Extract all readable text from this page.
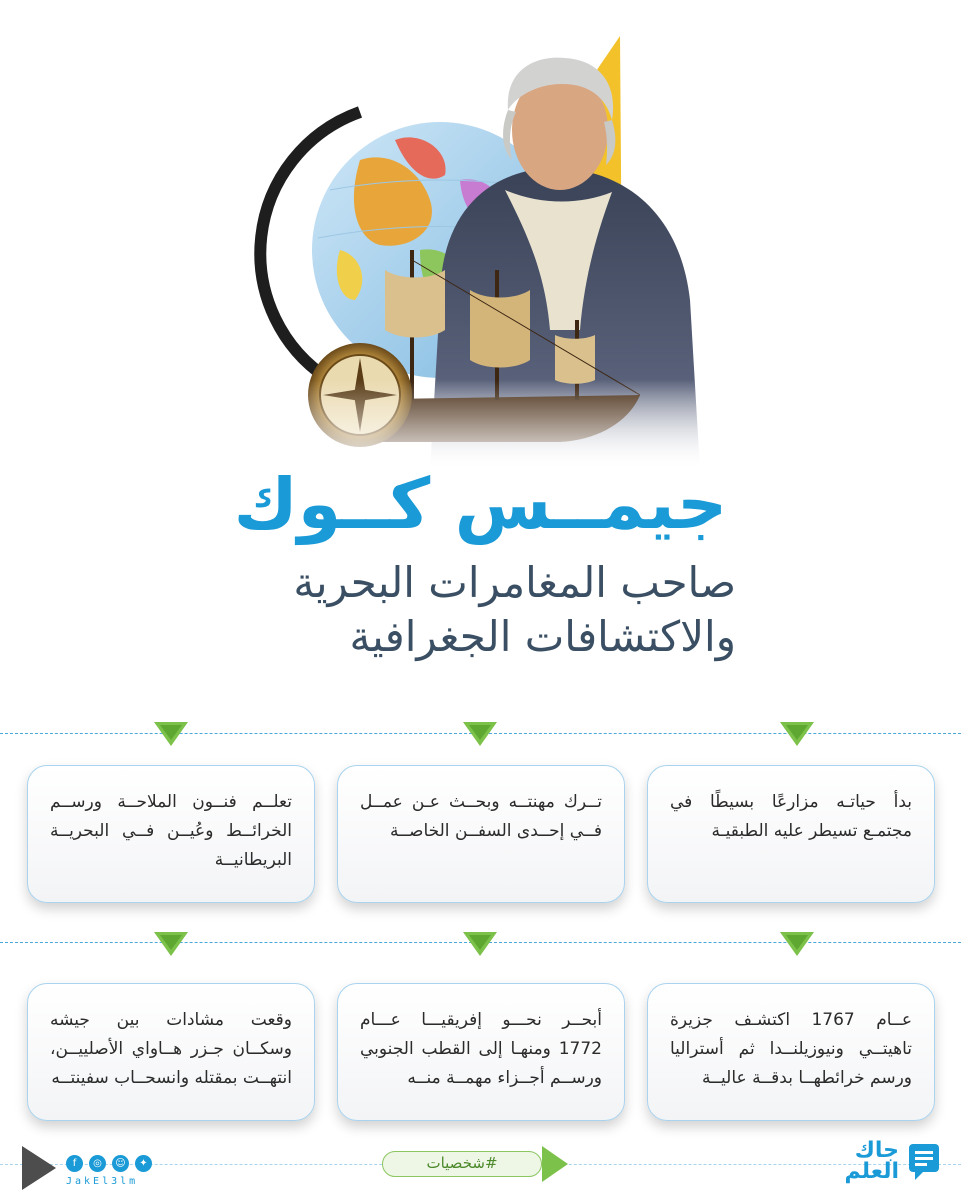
جيمــس كــوك
صاحب المغامرات البحرية
والاكتشافات الجغرافية
بدأ حياتـه مزارعًا بسيطًا في مجتمـع تسيطر عليه الطبقيـة
تــرك مهنتــه وبحــث عـن عمــل فــي إحــدى السفــن الخاصــة
تعلــم فنــون الملاحــة ورســم الخرائــط وعُيــن فــي البحريــة البريطانيــة
عــام 1767 اكتشـف جزيرة تاهيتــي ونيوزيلنــدا ثم أستراليا ورسم خرائطهــا بدقــة عاليــة
أبحــر نحـــو إفريقيـــا عـــام 1772 ومنهـا إلى القطب الجنوبي ورســم أجــزاء مهمــة منــه
وقعت مشادات بين جيشه وسكــان جـزر هــاواي الأصلييــن، انتهــت بمقتله وانسحــاب سفينتــه
f	◎	☺	✦
JakEl3lm
#شخصيات	جاك
العلم
